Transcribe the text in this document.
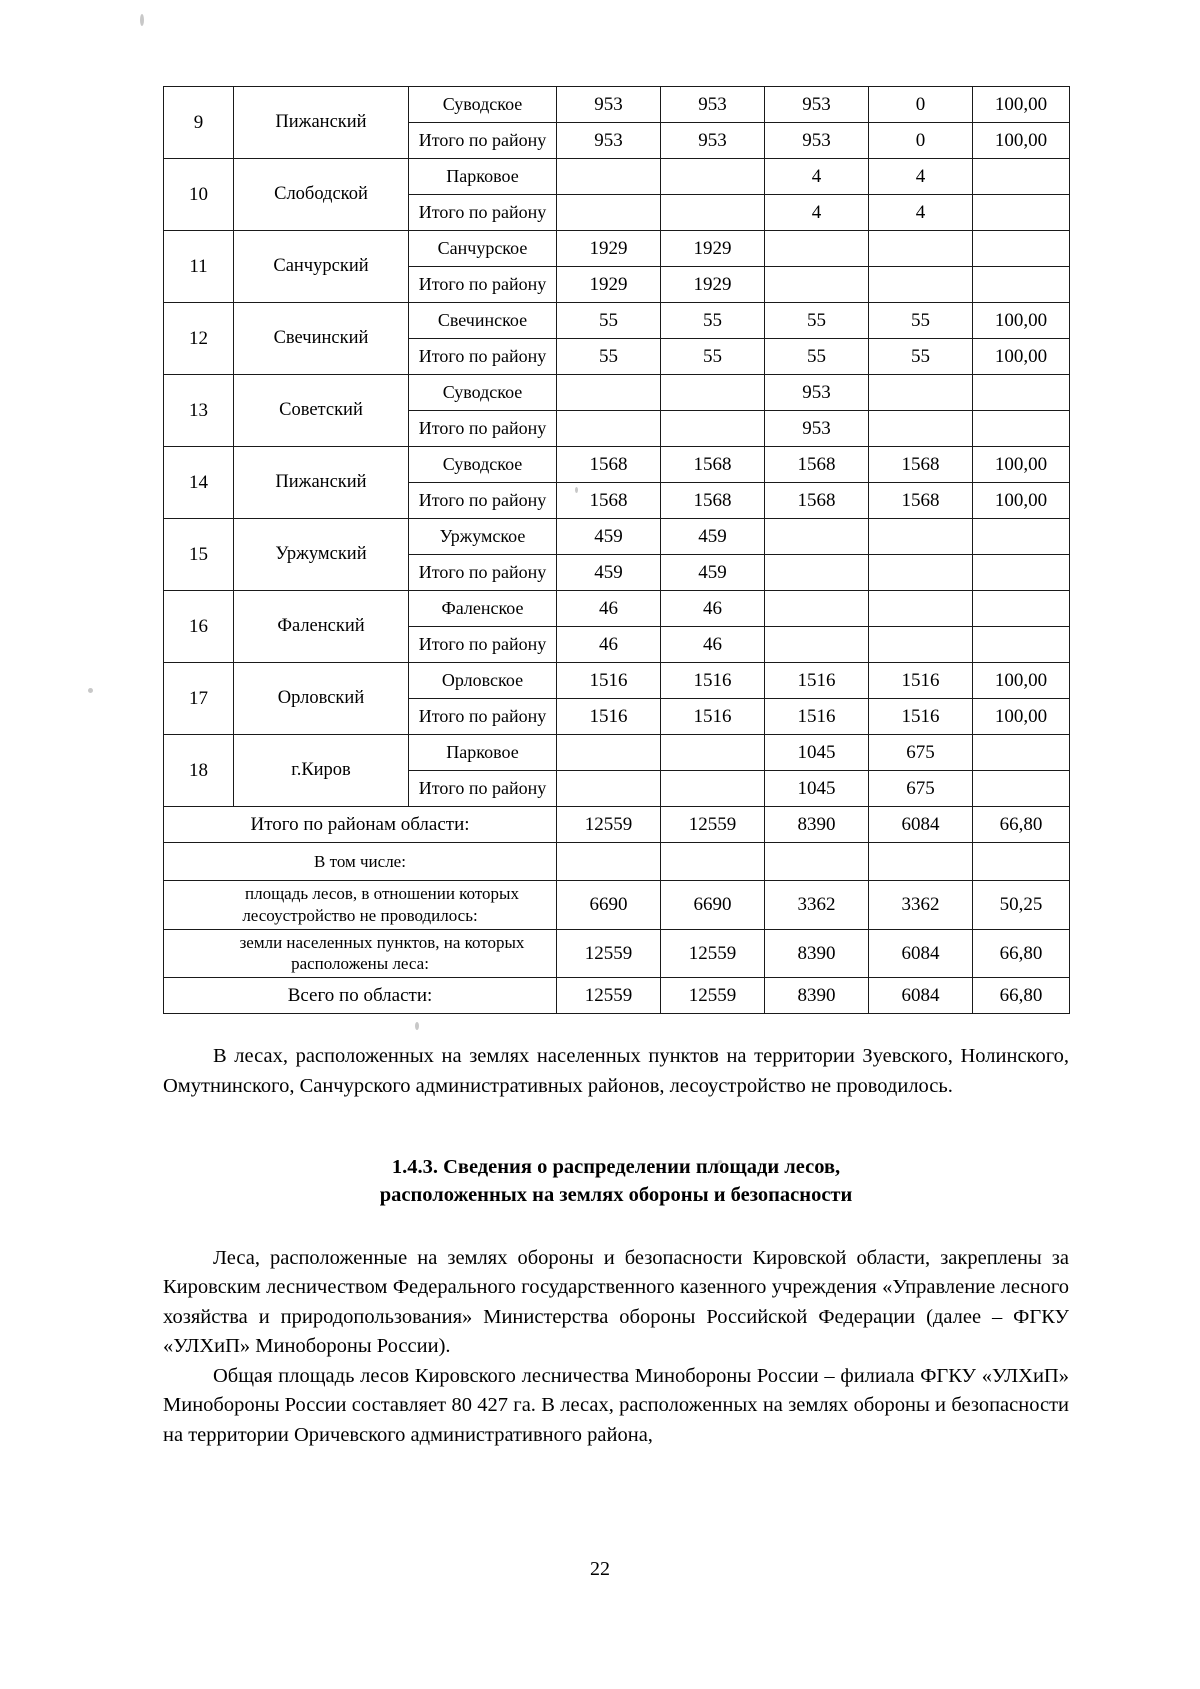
9	Пижанский	Суводское	953	953	953	0	100,00
		Итого по району	953	953	953	0	100,00
10	Слободской	Парковое			4	4	
		Итого по району			4	4	
11	Санчурский	Санчурское	1929	1929			
		Итого по району	1929	1929			
12	Свечинский	Свечинское	55	55	55	55	100,00
		Итого по району	55	55	55	55	100,00
13	Советский	Суводское			953		
		Итого по району			953		
14	Пижанский	Суводское	1568	1568	1568	1568	100,00
		Итого по району	1568	1568	1568	1568	100,00
15	Уржумский	Уржумское	459	459			
		Итого по району	459	459			
16	Фаленский	Фаленское	46	46			
		Итого по району	46	46			
17	Орловский	Орловское	1516	1516	1516	1516	100,00
		Итого по району	1516	1516	1516	1516	100,00
18	г.Киров	Парковое			1045	675	
		Итого по району			1045	675	
Итого по районам области:			12559	12559	8390	6084	66,80
В том числе:							
площадь лесов, в отношении которых лесоустройство не проводилось:			6690	6690	3362	3362	50,25
земли населенных пунктов, на которых расположены леса:			12559	12559	8390	6084	66,80
Всего по области:			12559	12559	8390	6084	66,80

В лесах, расположенных на землях населенных пунктов на территории Зуевского, Нолинского, Омутнинского, Санчурского административных районов, лесоустройство не проводилось.

1.4.3. Сведения о распределении площади лесов,
расположенных на землях обороны и безопасности

Леса, расположенные на землях обороны и безопасности Кировской области, закреплены за Кировским лесничеством Федерального государственного казенного учреждения «Управление лесного хозяйства и природопользования» Министерства обороны Российской Федерации (далее – ФГКУ «УЛХиП» Минобороны России).

Общая площадь лесов Кировского лесничества Минобороны России – филиала ФГКУ «УЛХиП» Минобороны России составляет 80 427 га. В лесах, расположенных на землях обороны и безопасности на территории Оричевского административного района,

22
